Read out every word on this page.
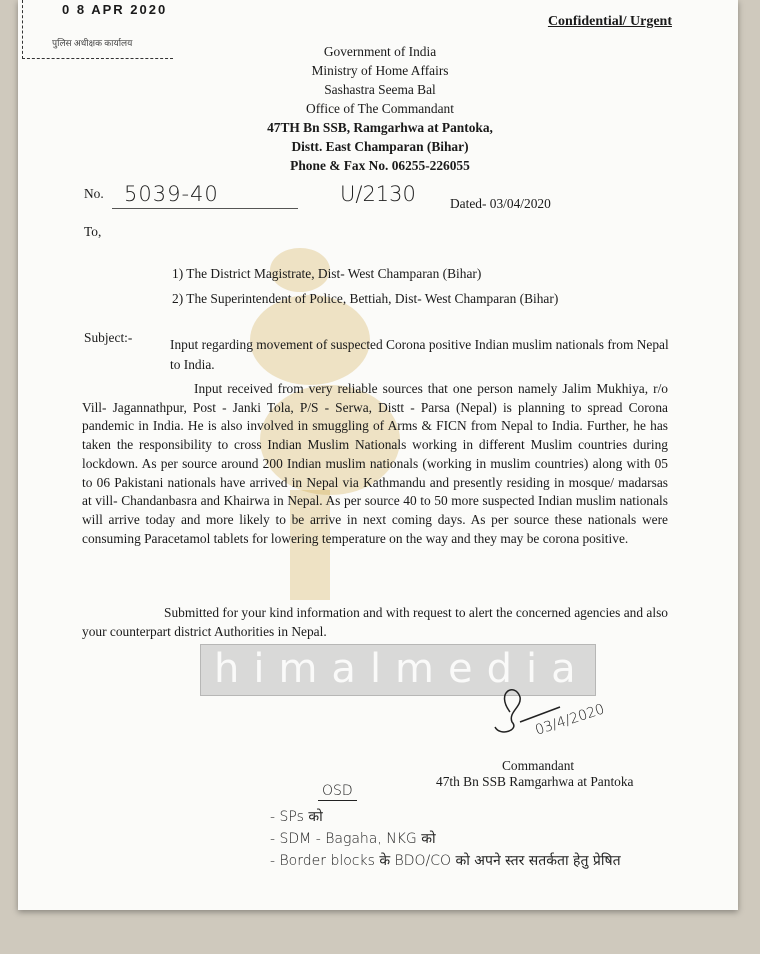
0 8 APR 2020
पुलिस अधीक्षक कार्यालय
Confidential/ Urgent
Government of India
Ministry of Home Affairs
Sashastra Seema Bal
Office of The Commandant
47TH Bn SSB, Ramgarhwa at Pantoka,
Distt. East Champaran (Bihar)
Phone & Fax No. 06255-226055
No. 5039-40	U/2130	Dated- 03/04/2020
To,
1) The District Magistrate, Dist- West Champaran (Bihar)
2) The Superintendent of Police, Bettiah, Dist- West Champaran (Bihar)
Subject:-	Input regarding movement of suspected Corona positive Indian muslim nationals from Nepal to India.
Input received from very reliable sources that one person namely Jalim Mukhiya, r/o Vill- Jagannathpur, Post - Janki Tola, P/S - Serwa, Distt - Parsa (Nepal) is planning to spread Corona pandemic in India. He is also involved in smuggling of Arms & FICN from Nepal to India. Further, he has taken the responsibility to cross Indian Muslim Nationals working in different Muslim countries during lockdown. As per source around 200 Indian muslim nationals (working in muslim countries) along with 05 to 06 Pakistani nationals have arrived in Nepal via Kathmandu and presently residing in mosque/ madarsas at vill- Chandanbasra and Khairwa in Nepal. As per source 40 to 50 more suspected Indian muslim nationals will arrive today and more likely to be arrive in next coming days. As per source these nationals were consuming Paracetamol tablets for lowering temperature on the way and they may be corona positive.
Submitted for your kind information and with request to alert the concerned agencies and also your counterpart district Authorities in Nepal.
himalmedia
03/4/2020
Commandant
47th Bn SSB Ramgarhwa at Pantoka
OSD
- SPs को
- SDM - Bagaha, NKG को
- Border blocks के BDO/CO को अपने स्तर सतर्कता हेतु प्रेषित
